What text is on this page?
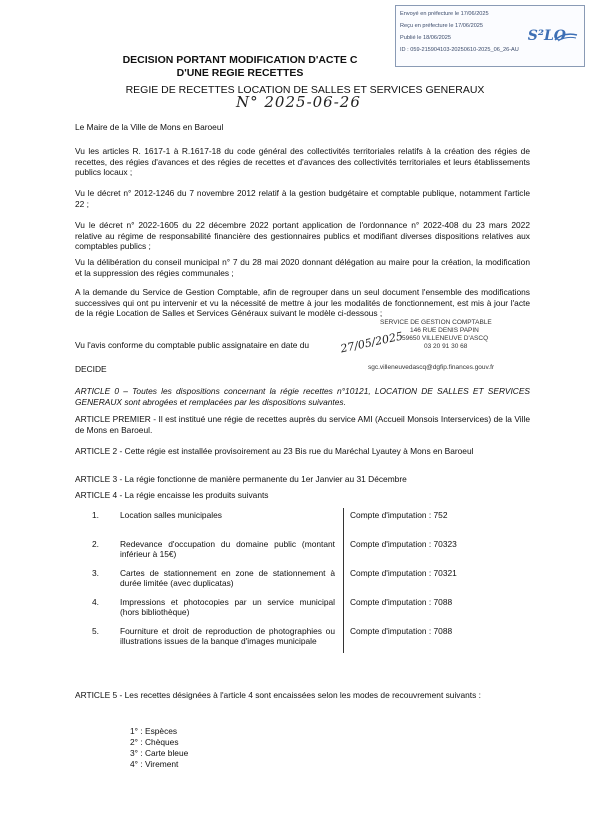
Envoyé en préfecture le 17/06/2025
Reçu en préfecture le 17/06/2025
Publié le 18/06/2025
ID : 059-215904103-20250610-2025_06_26-AU
S²LO
DECISION PORTANT MODIFICATION D'ACTE C
D'UNE REGIE RECETTES
REGIE DE RECETTES LOCATION DE SALLES ET SERVICES GENERAUX
N° 2025-06-26
Le Maire de la Ville de Mons en Baroeul
Vu les articles R. 1617-1 à R.1617-18 du code général des collectivités territoriales relatifs à la création des régies de recettes, des régies d'avances et des régies de recettes et d'avances des collectivités territoriales et leurs établissements publics locaux ;
Vu le décret n° 2012-1246 du 7 novembre 2012 relatif à la gestion budgétaire et comptable publique, notamment l'article 22 ;
Vu le décret n° 2022-1605 du 22 décembre 2022 portant application de l'ordonnance n° 2022-408 du 23 mars 2022 relative au régime de responsabilité financière des gestionnaires publics et modifiant diverses dispositions relatives aux comptables publics ;
Vu la délibération du conseil municipal n° 7 du 28 mai 2020 donnant délégation au maire pour la création, la modification et la suppression des régies communales ;
A la demande du Service de Gestion Comptable, afin de regrouper dans un seul document l'ensemble des modifications successives qui ont pu intervenir et vu la nécessité de mettre à jour les modalités de fonctionnement, est mis à jour l'acte de la régie Location de Salles et Services Généraux suivant le modèle ci-dessous ;
Vu l'avis conforme du comptable public assignataire en date du
SERVICE DE GESTION COMPTABLE
146 RUE DENIS PAPIN
59650 VILLENEUVE D'ASCQ
03 20 91 30 68
27/05/2025
sgc.villeneuvedascq@dgfip.finances.gouv.fr
DECIDE
ARTICLE 0 – Toutes les dispositions concernant la régie recettes n°10121, LOCATION DE SALLES ET SERVICES GENERAUX sont abrogées et remplacées par les dispositions suivantes.
ARTICLE PREMIER - Il est institué une régie de recettes auprès du service AMI (Accueil Monsois Interservices) de la Ville de Mons en Baroeul.
ARTICLE 2 - Cette régie est installée provisoirement au 23 Bis rue du Maréchal Lyautey à Mons en Baroeul
ARTICLE 3 - La régie fonctionne de manière permanente du 1er Janvier au 31 Décembre
ARTICLE 4 - La régie encaisse les produits suivants
1.	Location salles municipales	Compte d'imputation : 752
2.	Redevance d'occupation du domaine public (montant inférieur à 15€)	Compte d'imputation : 70323
3.	Cartes de stationnement en zone de stationnement à durée limitée (avec duplicatas)	Compte d'imputation : 70321
4.	Impressions et photocopies par un service municipal (hors bibliothèque)	Compte d'imputation : 7088
5.	Fourniture et droit de reproduction de photographies ou illustrations issues de la banque d'images municipale	Compte d'imputation : 7088
ARTICLE 5 - Les recettes désignées à l'article 4 sont encaissées selon les modes de recouvrement suivants :
1° : Espèces
2° : Chèques
3° : Carte bleue
4° : Virement
